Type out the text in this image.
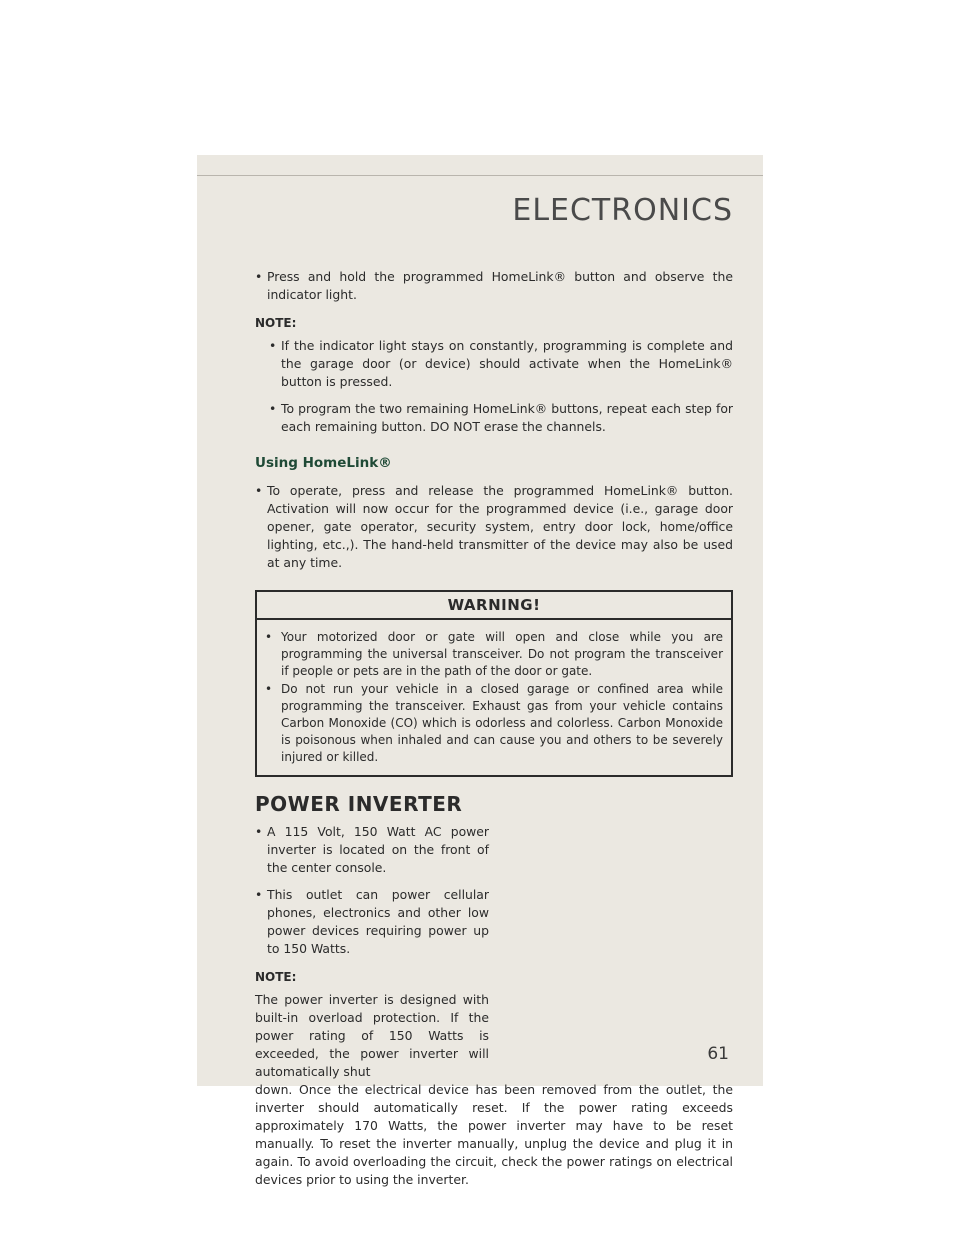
ELECTRONICS
• Press and hold the programmed HomeLink® button and observe the indicator light.
NOTE:
• If the indicator light stays on constantly, programming is complete and the garage door (or device) should activate when the HomeLink® button is pressed.
• To program the two remaining HomeLink® buttons, repeat each step for each remaining button. DO NOT erase the channels.
Using HomeLink®
• To operate, press and release the programmed HomeLink® button. Activation will now occur for the programmed device (i.e., garage door opener, gate operator, security system, entry door lock, home/office lighting, etc.,). The hand-held transmitter of the device may also be used at any time.
WARNING!
• Your motorized door or gate will open and close while you are programming the universal transceiver. Do not program the transceiver if people or pets are in the path of the door or gate.
• Do not run your vehicle in a closed garage or confined area while programming the transceiver. Exhaust gas from your vehicle contains Carbon Monoxide (CO) which is odorless and colorless. Carbon Monoxide is poisonous when inhaled and can cause you and others to be severely injured or killed.
POWER INVERTER
• A 115 Volt, 150 Watt AC power inverter is located on the front of the center console.
• This outlet can power cellular phones, electronics and other low power devices requiring power up to 150 Watts.
NOTE:

The power inverter is designed with built-in overload protection. If the power rating of 150 Watts is exceeded, the power inverter will automatically shut

down. Once the electrical device has been removed from the outlet, the inverter should automatically reset. If the power rating exceeds approximately 170 Watts, the power inverter may have to be reset manually. To reset the inverter manually, unplug the device and plug it in again. To avoid overloading the circuit, check the power ratings on electrical devices prior to using the inverter.

61
